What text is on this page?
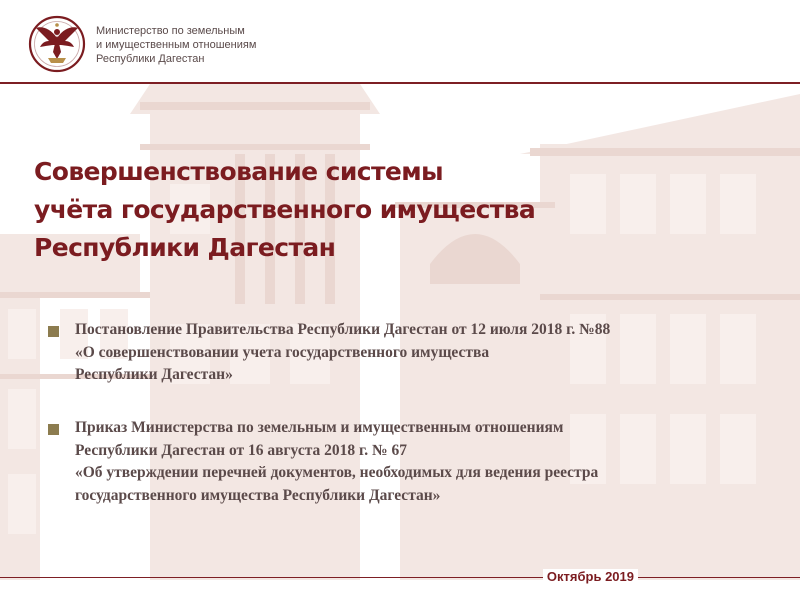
Министерство по земельным
и имущественным отношениям
Республики Дагестан
Совершенствование системы
учёта государственного имущества
Республики Дагестан
Постановление Правительства Республики Дагестан от 12 июля 2018 г. №88
«О совершенствовании учета государственного имущества
Республики Дагестан»
Приказ Министерства по земельным и имущественным отношениям
Республики Дагестан от 16 августа 2018 г. № 67
«Об утверждении перечней документов, необходимых для ведения реестра
государственного имущества Республики Дагестан»
Октябрь 2019
